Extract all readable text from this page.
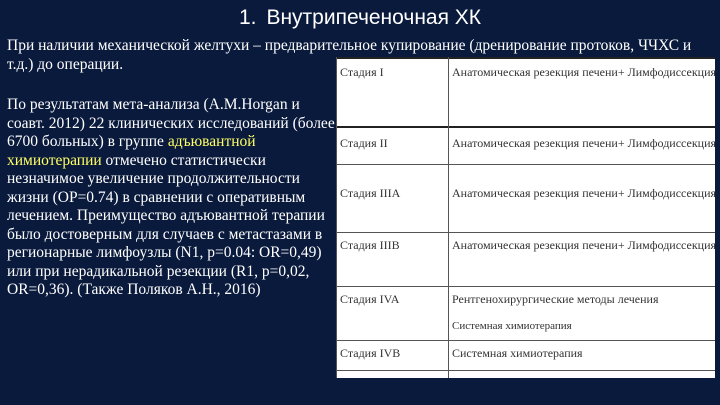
1. Внутрипеченочная ХК
При наличии механической желтухи – предварительное купирование (дренирование протоков, ЧЧХС и т.д.) до операции.
По результатам мета-анализа (A.M.Horgan и соавт. 2012) 22 клинических исследований (более 6700 больных) в группе адъювантной химиотерапии отмечено статистически незначимое увеличение продолжительности жизни (ОР=0.74) в сравнении с оперативным лечением. Преимущество адъювантной терапии было достоверным для случаев с метастазами в регионарные лимфоузлы (N1, р=0.04: OR=0,49) или при нерадикальной резекции (R1, р=0,02, OR=0,36). (Также Поляков А.Н., 2016)
Стадия I	Анатомическая резекция печени+ Лимфодиссекция
Стадия II	Анатомическая резекция печени+ Лимфодиссекция
Стадия IIIA	Анатомическая резекция печени+ Лимфодиссекция
Стадия IIIB	Анатомическая резекция печени+ Лимфодиссекция
Стадия IVA	Рентгенохирургические методы лечения
Системная химиотерапия
Стадия IVB	Системная химиотерапия
